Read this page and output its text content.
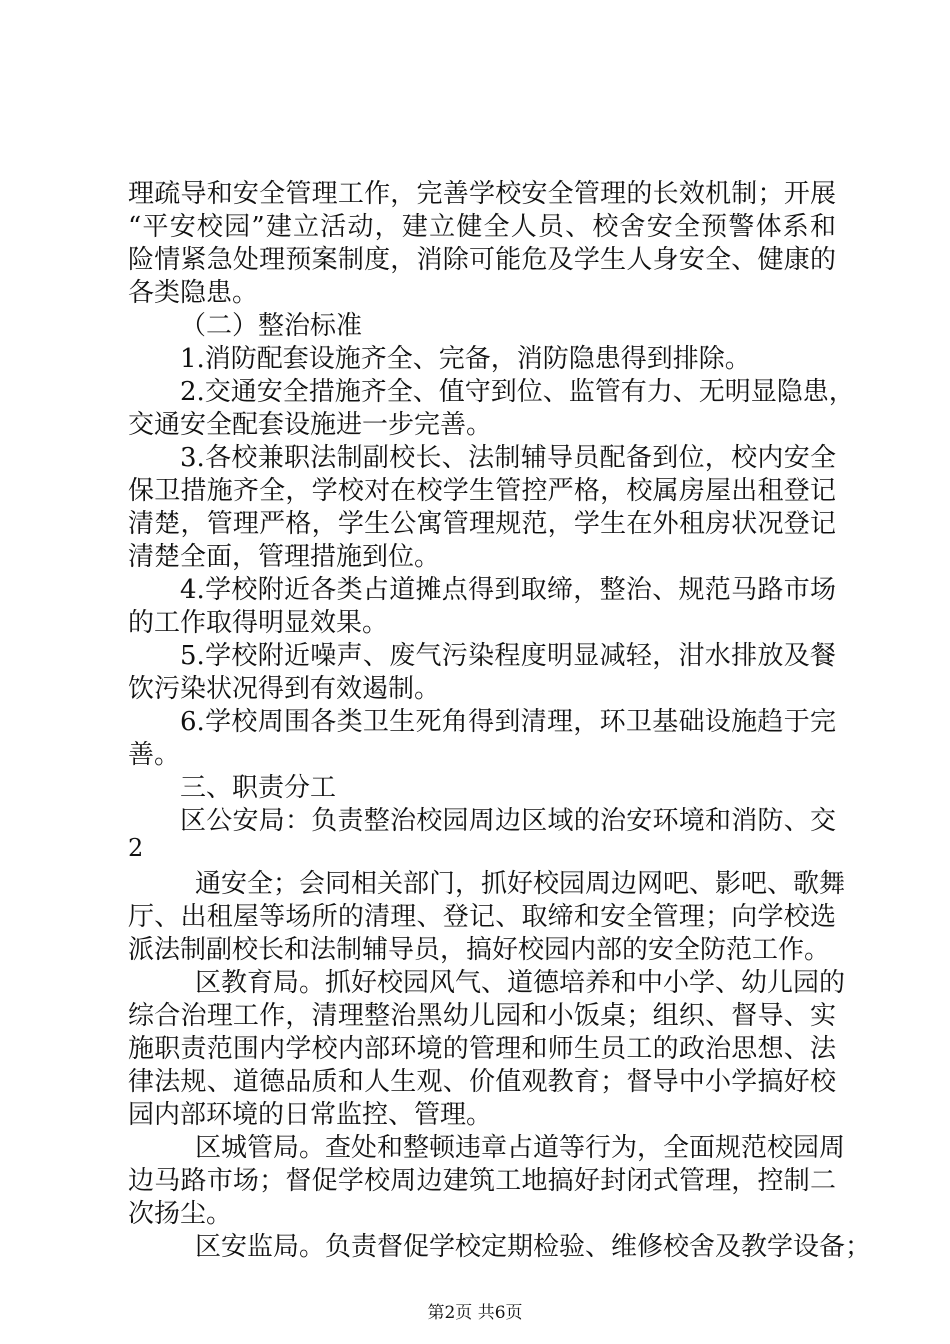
理疏导和安全管理工作，完善学校安全管理的长效机制；开展
“平安校园”建立活动，建立健全人员、校舍安全预警体系和
险情紧急处理预案制度，消除可能危及学生人身安全、健康的
各类隐患。
（二）整治标准
1.消防配套设施齐全、完备，消防隐患得到排除。
2.交通安全措施齐全、值守到位、监管有力、无明显隐患，
交通安全配套设施进一步完善。
3.各校兼职法制副校长、法制辅导员配备到位，校内安全
保卫措施齐全，学校对在校学生管控严格，校属房屋出租登记
清楚，管理严格，学生公寓管理规范，学生在外租房状况登记
清楚全面，管理措施到位。
4.学校附近各类占道摊点得到取缔，整治、规范马路市场
的工作取得明显效果。
5.学校附近噪声、废气污染程度明显减轻，泔水排放及餐
饮污染状况得到有效遏制。
6.学校周围各类卫生死角得到清理，环卫基础设施趋于完
善。
三、职责分工
区公安局：负责整治校园周边区域的治安环境和消防、交
2
通安全；会同相关部门，抓好校园周边网吧、影吧、歌舞
厅、出租屋等场所的清理、登记、取缔和安全管理；向学校选
派法制副校长和法制辅导员，搞好校园内部的安全防范工作。
区教育局。抓好校园风气、道德培养和中小学、幼儿园的
综合治理工作，清理整治黑幼儿园和小饭桌；组织、督导、实
施职责范围内学校内部环境的管理和师生员工的政治思想、法
律法规、道德品质和人生观、价值观教育；督导中小学搞好校
园内部环境的日常监控、管理。
区城管局。查处和整顿违章占道等行为，全面规范校园周
边马路市场；督促学校周边建筑工地搞好封闭式管理，控制二
次扬尘。
区安监局。负责督促学校定期检验、维修校舍及教学设备；
第2页 共6页
